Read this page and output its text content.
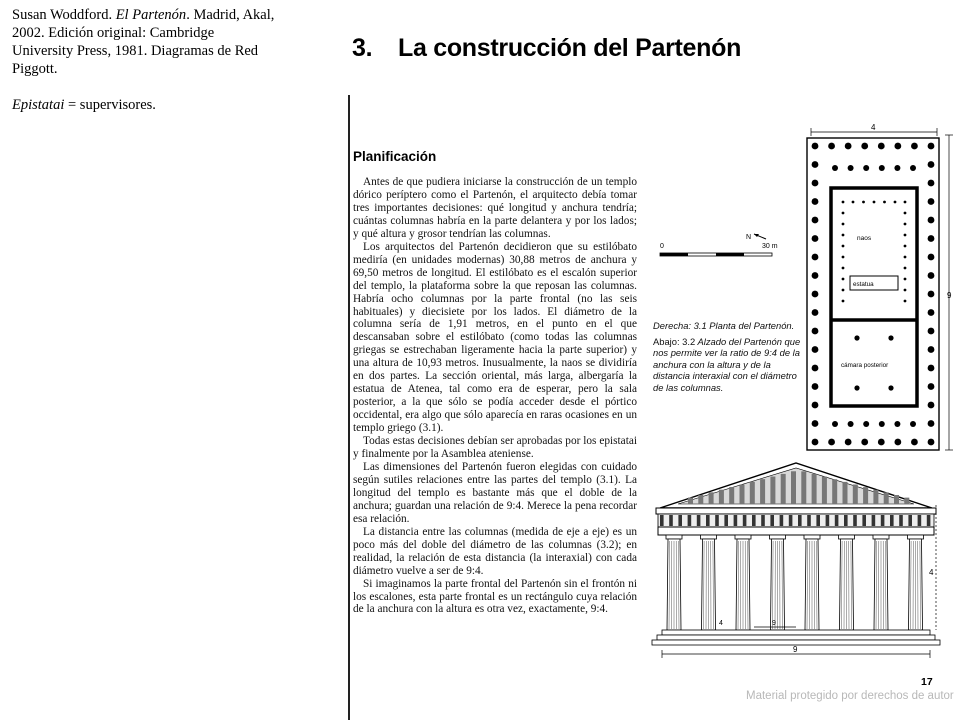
Susan Woddford. El Partenón. Madrid, Akal,
2002. Edición original: Cambridge
University Press, 1981. Diagramas de Red
Piggott.
Epistatai = supervisores.
3. La construcción del Partenón
Planificación

Antes de que pudiera iniciarse la construcción de un templo dórico períptero como el Partenón, el arquitecto debía tomar tres importantes decisiones: qué longitud y anchura tendría; cuántas columnas habría en la parte delantera y por los lados; y qué altura y grosor tendrían las columnas.

Los arquitectos del Partenón decidieron que su estilóbato mediría (en unidades modernas) 30,88 metros de anchura y 69,50 metros de longitud. El estilóbato es el escalón superior del templo, la plataforma sobre la que reposan las columnas. Habría ocho columnas por la parte frontal (no las seis habituales) y diecisiete por los lados. El diámetro de la columna sería de 1,91 metros, en el punto en el que descansaban sobre el estilóbato (como todas las columnas griegas se estrechaban ligeramente hacia la parte superior) y una altura de 10,93 metros. Inusualmente, la naos se dividiría en dos partes. La sección oriental, más larga, albergaría la estatua de Atenea, tal como era de esperar, pero la sala posterior, a la que sólo se podía acceder desde el pórtico occidental, era algo que sólo aparecía en raras ocasiones en un templo griego (3.1).

Todas estas decisiones debían ser aprobadas por los epistatai y finalmente por la Asamblea ateniense.

Las dimensiones del Partenón fueron elegidas con cuidado según sutiles relaciones entre las partes del templo (3.1). La longitud del templo es bastante más que el doble de la anchura; guardan una relación de 9:4. Merece la pena recordar esa relación.

La distancia entre las columnas (medida de eje a eje) es un poco más del doble del diámetro de las columnas (3.2); en realidad, la relación de esta distancia (la interaxial) con cada diámetro vuelve a ser de 9:4.

Si imaginamos la parte frontal del Partenón sin el frontón ni los escalones, esta parte frontal es un rectángulo cuya relación de la anchura con la altura es otra vez, exactamente, 9:4.

N
0	30 m

Derecha: 3.1 Planta del Partenón.

Abajo: 3.2 Alzado del Partenón que nos permite ver la ratio de 9:4 de la anchura con la altura y de la distancia interaxial con el diámetro de las columnas.

4
9
naos
estatua
cámara posterior
4
4	9
9
17
Material protegido por derechos de autor
